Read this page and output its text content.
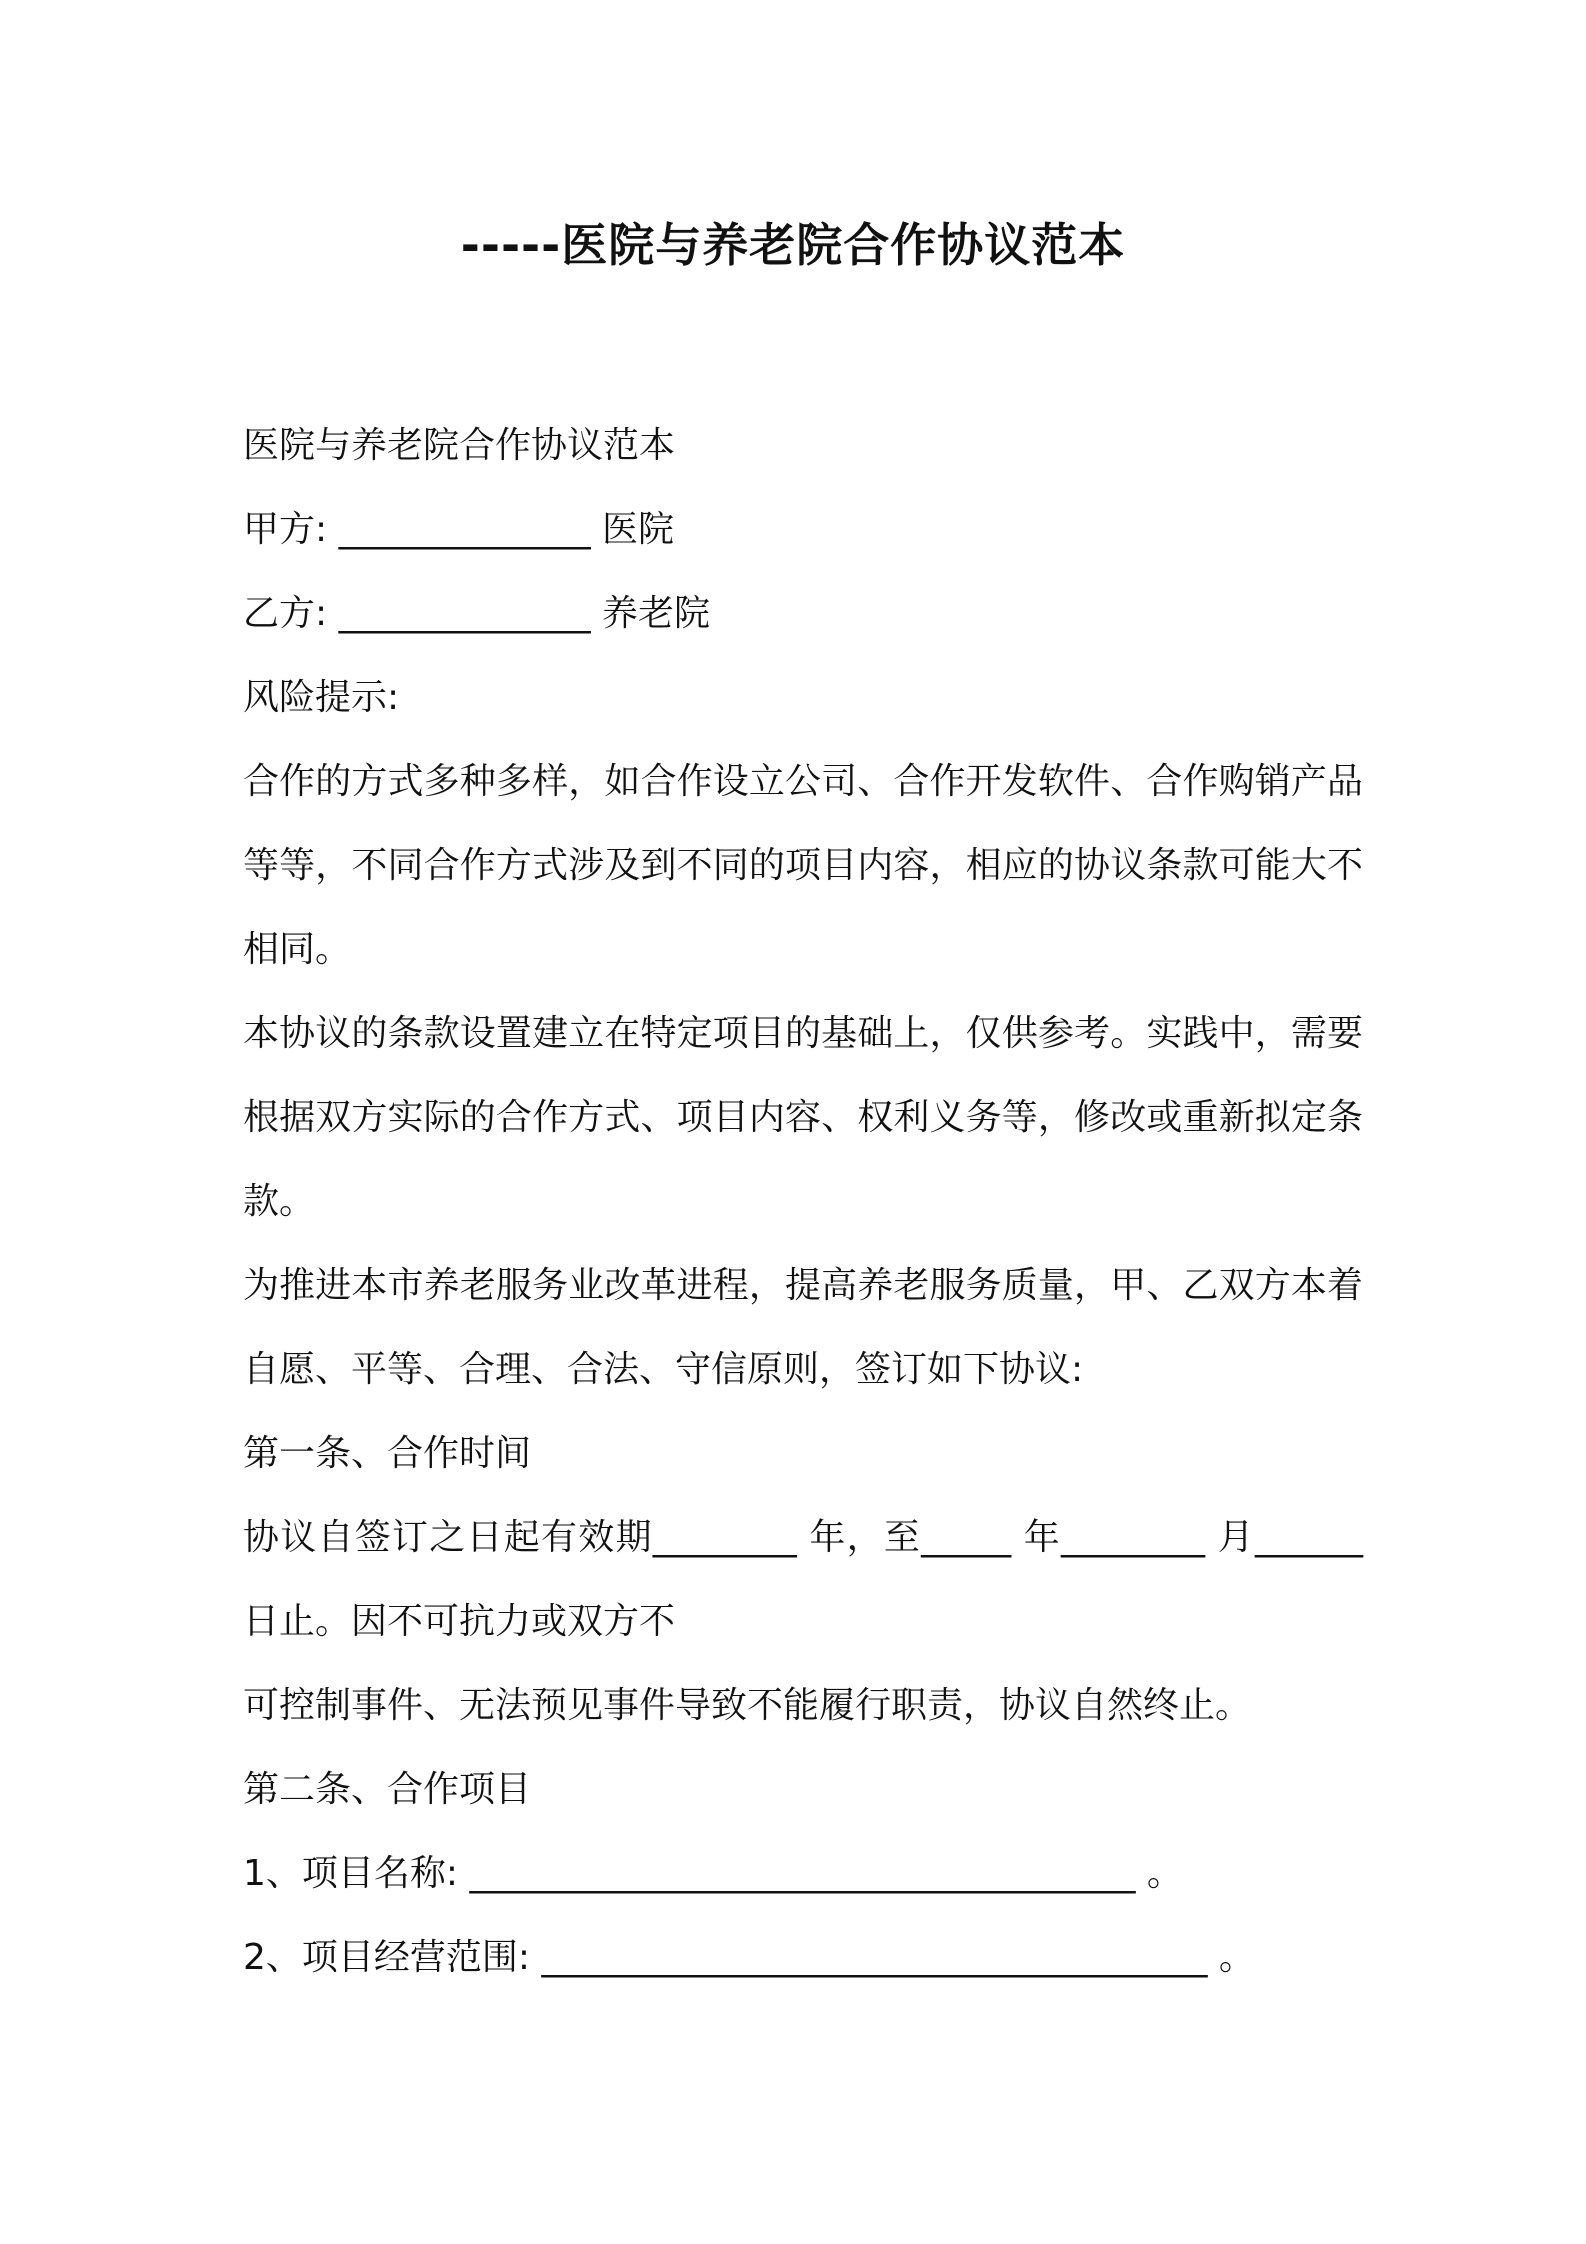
-----医院与养老院合作协议范本

医院与养老院合作协议范本

甲方: ______________ 医院

乙方: ______________ 养老院

风险提示:

合作的方式多种多样，如合作设立公司、合作开发软件、合作购销产品等等，不同合作方式涉及到不同的项目内容，相应的协议条款可能大不相同。

本协议的条款设置建立在特定项目的基础上，仅供参考。实践中，需要根据双方实际的合作方式、项目内容、权利义务等，修改或重新拟定条款。

为推进本市养老服务业改革进程，提高养老服务质量，甲、乙双方本着自愿、平等、合理、合法、守信原则，签订如下协议:

第一条、合作时间

协议自签订之日起有效期________ 年，至_____ 年________ 月______ 日止。因不可抗力或双方不

可控制事件、无法预见事件导致不能履行职责，协议自然终止。

第二条、合作项目

1、项目名称: _____________________________________ 。

2、项目经营范围: _____________________________________ 。
